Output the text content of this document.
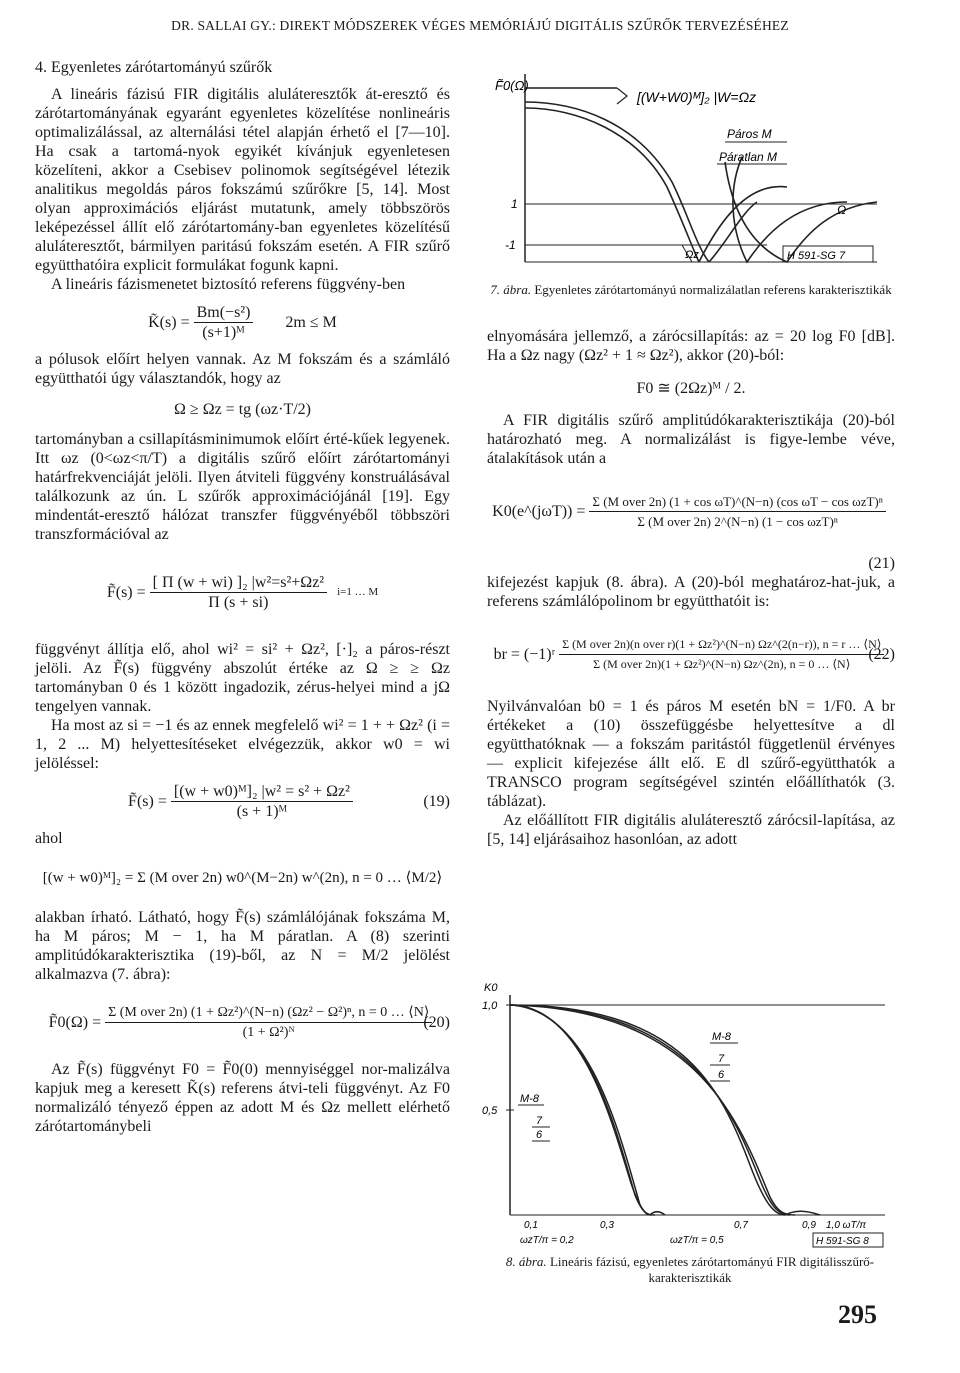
DR. SALLAI GY.: DIREKT MÓDSZEREK VÉGES MEMÓRIÁJÚ DIGITÁLIS SZŰRŐK TERVEZÉSÉHEZ
4. Egyenletes zárótartományú szűrők

A lineáris fázisú FIR digitális aluláteresztők át-eresztő és zárótartományának egyaránt egyenletes közelítése nonlineáris optimalizálással, az alternálási tétel alapján érhető el [7—10]. Ha csak a tartomá-nyok egyikét kívánjuk egyenletesen közelíteni, akkor a Csebisev polinomok segítségével létezik analitikus megoldás páros fokszámú szűrőkre [5, 14]. Most olyan approximációs eljárást mutatunk, amely többszörös leképezéssel állít elő zárótartomány-ban egyenletes közelítésű aluláteresztőt, bármilyen paritású fokszám esetén. A FIR szűrő együtthatóira explicit formulákat fogunk kapni.

A lineáris fázismenetet biztosító referens függvény-ben

K̃(s) = $\frac{\text{Bm(−s²)}}{\text{(s+1)ᴹ}} 2m \le M$

a pólusok előírt helyen vannak. Az M fokszám és a számláló együtthatói úgy választandók, hogy az

Ω ≥ Ωz = tg (ωz·T/2)

tartományban a csillapításminimumok előírt érté-kűek legyenek. Itt ωz (0<ωz<π/T) a digitális szűrő előírt zárótartományi határfrekvenciáját jelöli. Ilyen átviteli függvény konstruálásával találkozunk az ún. L szűrők approximációjánál [19]. Egy mindentát-eresztő hálózat transzfer függvényéből többszöri transzformációval az

F̃(s) = $\frac{\text{[ Π (w + wi) ]₂ |w²=s²+Ωz²}}{\Pi (s + si)} i=1$ … M

függvényt állítja elő, ahol wi² = si² + Ωz², [·]₂ a páros-részt jelöli. Az F̃(s) függvény abszolút értéke az Ω ≥ ≥ Ωz tartományban 0 és 1 között ingadozik, zérus-helyei mind a jΩ tengelyen vannak.

Ha most az si = −1 és az ennek megfelelő wi² = 1 + + Ωz² (i = 1, 2 ... M) helyettesítéseket elvégezzük, akkor w0 = wi jelöléssel:

F̃(s) = $\frac{\text{[(w + w0)ᴹ]₂ |w² = s² + Ωz²}}{\text{(s + 1)ᴹ}}$	(19)

ahol

[(w + w0)ᴹ]₂ = Σ (M over 2n) w0^(M−2n) w^(2n), n = 0 … ⟨M/2⟩

alakban írható. Látható, hogy F̃(s) számlálójának fokszáma M, ha M páros; M − 1, ha M páratlan. A (8) szerinti amplitúdókarakterisztika (19)-ből, az N = M/2 jelölést alkalmazva (7. ábra):

F̃0(Ω) = $\frac{\text{Σ (M over 2n) (1 + Ωz²)\textasciicircum{}(N−n) (Ωz² − Ω²)ⁿ, n = 0 … ⟨N⟩}}{\text{(1 + Ω²)ᴺ}}$
(20)

Az F̃(s) függvényt F0 = F̃0(0) mennyiséggel nor-malizálva kapjuk meg a keresett K̃(s) referens átvi-teli függvényt. Az F0 normalizáló tényező éppen az adott M és Ωz mellett elérhető zárótartománybeli

F̃0(Ω)
[(W+W0)ᴹ]₂ |W=Ωz
Páros M
Páratlan M
1
-1
Ωz
Ω
H 591-SG 7
7. ábra. Egyenletes zárótartományú normalizálatlan referens karakterisztikák

elnyomására jellemző, a zárócsillapítás: az = 20 log F0 [dB]. Ha a Ωz nagy (Ωz² + 1 ≈ Ωz²), akkor (20)-ból:

F0 ≅ (2Ωz)ᴹ / 2.

A FIR digitális szűrő amplitúdókarakterisztikája (20)-ból határozható meg. A normalizálást is figye-lembe véve, átalakítások után a

K0(e^(jωT)) = $\frac{\text{Σ (M over 2n) (1 + cos ωT)\textasciicircum{}(N−n) (cos ωT − cos ωzT)ⁿ}}{\text{Σ (M over 2n) 2\textasciicircum{}(N−n) (1 − cos ωzT)ⁿ}}$
(21)

kifejezést kapjuk (8. ábra). A (20)-ból meghatároz-hat-juk, a referens számlálópolinom br együtthatóit is:

br = (−1)ʳ
Σ (M over 2n)(n over r)(1 + Ωz²)^(N−n) Ωz^(2(n−r)), n = r … ⟨N⟩
Σ (M over 2n)(1 + Ωz²)^(N−n) Ωz^(2n), n = 0 … ⟨N⟩
(22)

Nyilvánvalóan b0 = 1 és páros M esetén bN = 1/F0. A br értékeket a (10) összefüggésbe helyettesítve a dl együtthatóknak — a fokszám paritástól függetlenül érvényes — explicit kifejezése állt elő. E dl szűrő-együtthatók a TRANSCO program segítségével szintén előállíthatók (3. táblázat).

Az előállított FIR digitális aluláteresztő zárócsil-lapítása, az [5, 14] eljárásaihoz hasonlóan, az adott

K0
1,0
0,5
M-8
7
6
M-8
7
6
0,1	0,3	0,7	0,9 1,0 ωT/π
ωzT/π = 0,2	ωzT/π = 0,5	H 591-SG 8
8. ábra. Lineáris fázisú, egyenletes zárótartományú FIR digitálisszűrő-karakterisztikák
295
